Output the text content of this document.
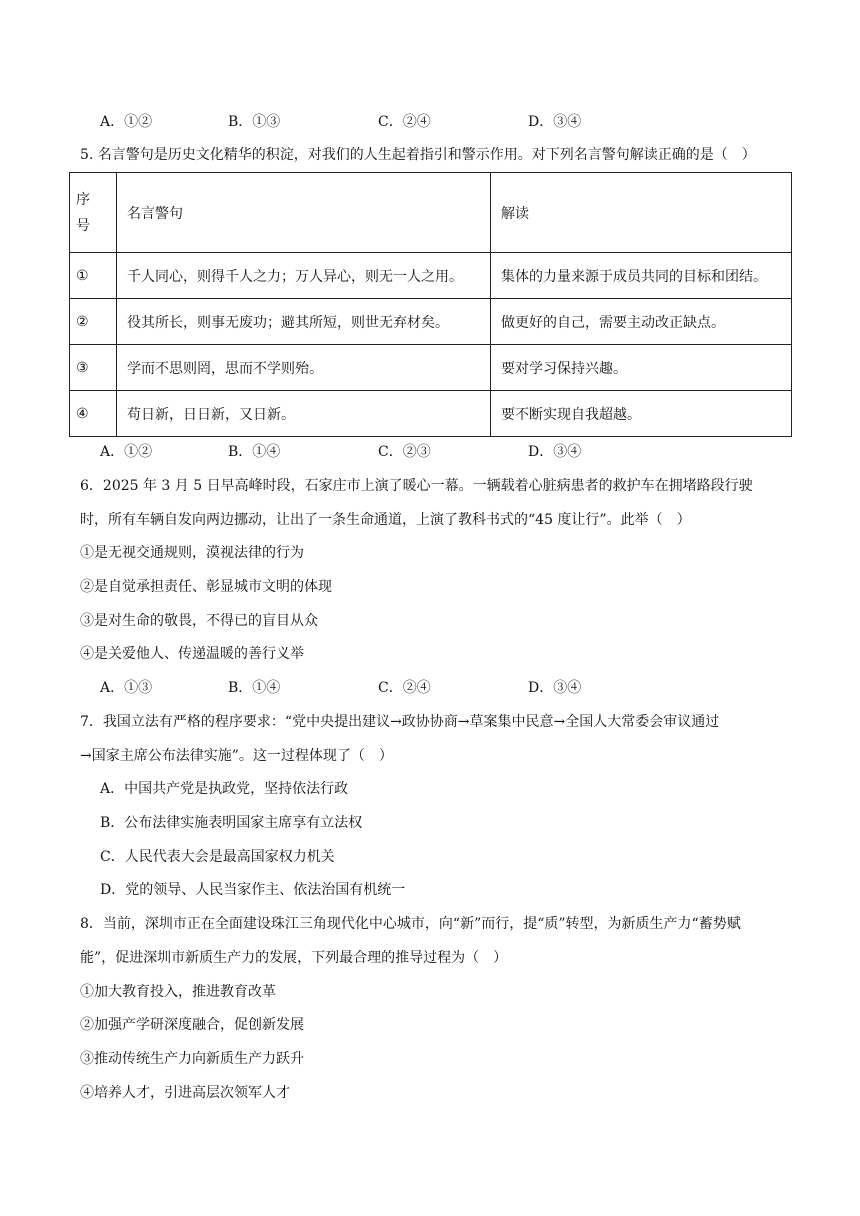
A．①②	B．①③	C．②④	D．③④
5. 名言警句是历史文化精华的积淀，对我们的人生起着指引和警示作用。对下列名言警句解读正确的是（　）
序号	名言警句	解读
①	千人同心，则得千人之力；万人异心，则无一人之用。	集体的力量来源于成员共同的目标和团结。
②	役其所长，则事无废功；避其所短，则世无弃材矣。	做更好的自己，需要主动改正缺点。
③	学而不思则罔，思而不学则殆。	要对学习保持兴趣。
④	苟日新，日日新，又日新。	要不断实现自我超越。
A．①②	B．①④	C．②③	D．③④
6．2025 年 3 月 5 日早高峰时段，石家庄市上演了暖心一幕。一辆载着心脏病患者的救护车在拥堵路段行驶
时，所有车辆自发向两边挪动，让出了一条生命通道，上演了教科书式的“45 度让行”。此举（　）
①是无视交通规则，漠视法律的行为
②是自觉承担责任、彰显城市文明的体现
③是对生命的敬畏，不得已的盲目从众
④是关爱他人、传递温暖的善行义举
A．①③	B．①④	C．②④	D．③④
7．我国立法有严格的程序要求：“党中央提出建议→政协协商→草案集中民意→全国人大常委会审议通过
→国家主席公布法律实施”。这一过程体现了（　）
A．中国共产党是执政党，坚持依法行政
B．公布法律实施表明国家主席享有立法权
C．人民代表大会是最高国家权力机关
D．党的领导、人民当家作主、依法治国有机统一
8．当前，深圳市正在全面建设珠江三角现代化中心城市，向“新”而行，提“质”转型，为新质生产力“蓄势赋
能”，促进深圳市新质生产力的发展，下列最合理的推导过程为（　）
①加大教育投入，推进教育改革
②加强产学研深度融合，促创新发展
③推动传统生产力向新质生产力跃升
④培养人才，引进高层次领军人才
